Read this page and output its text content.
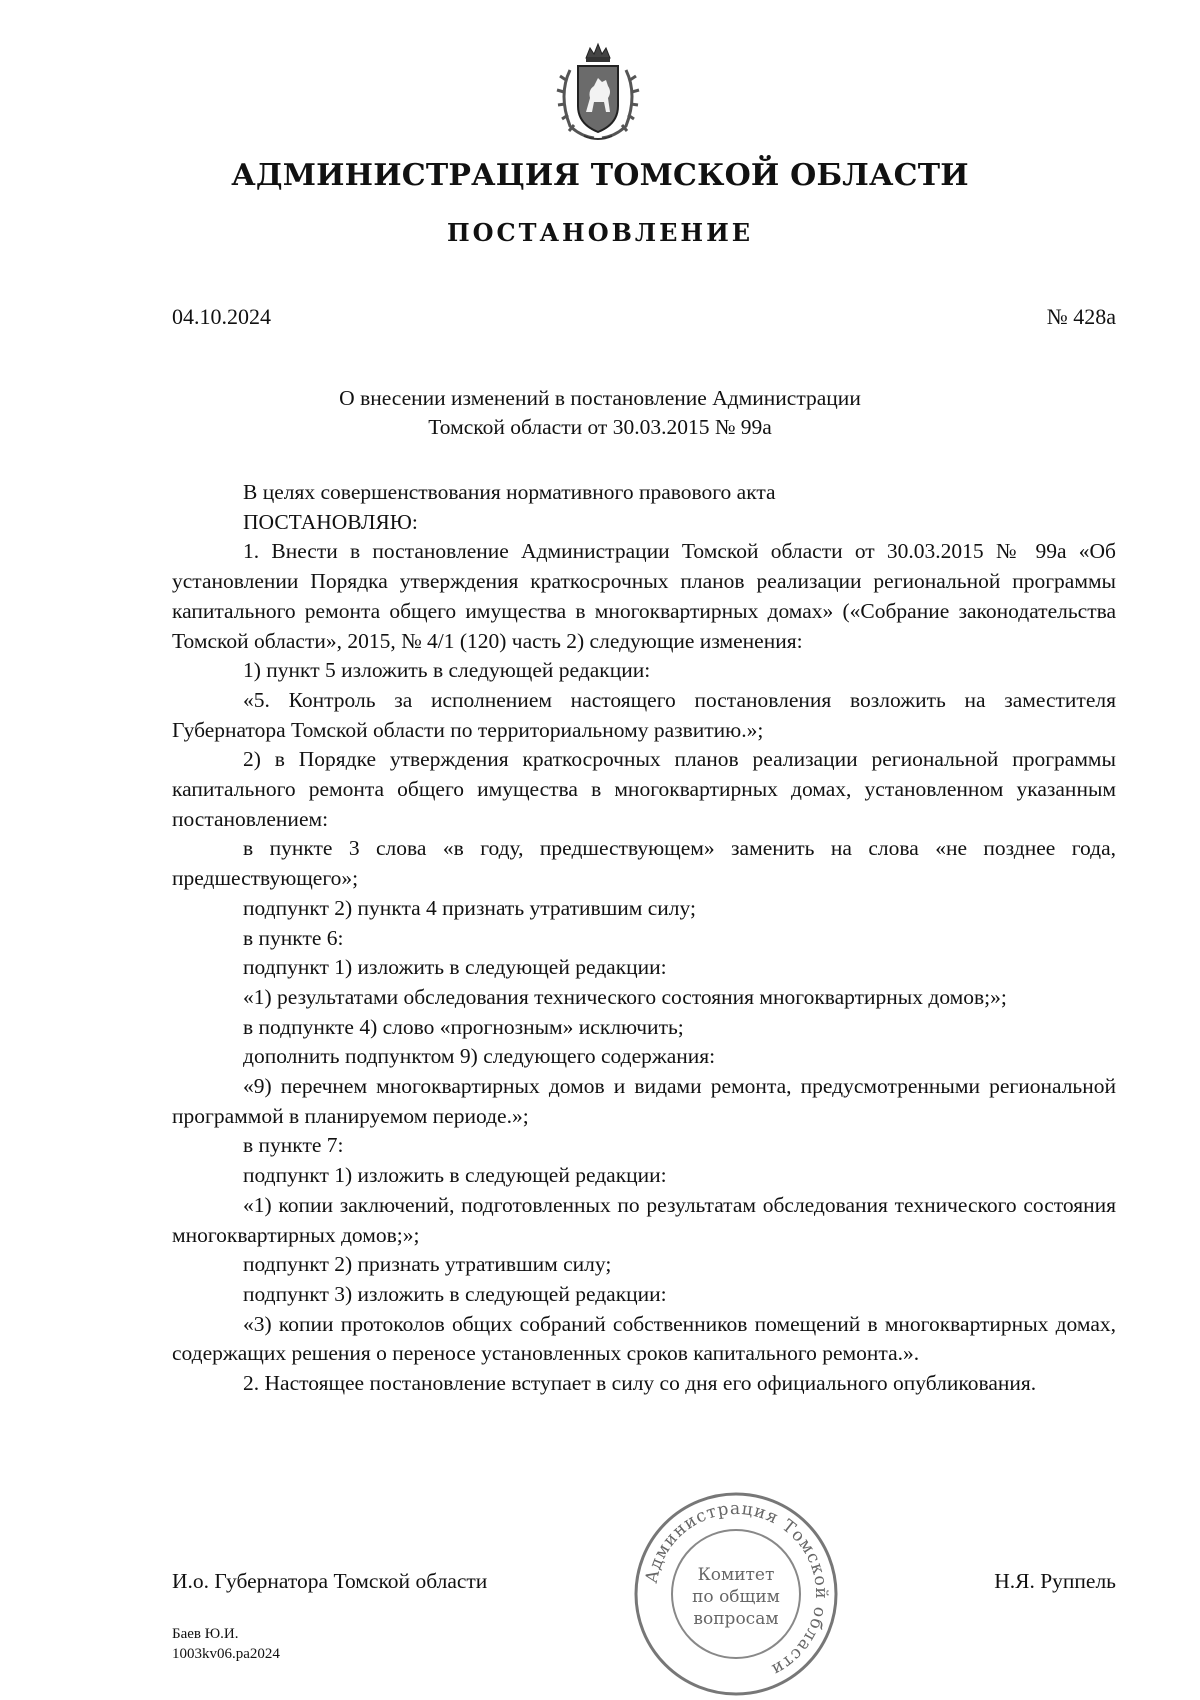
АДМИНИСТРАЦИЯ ТОМСКОЙ ОБЛАСТИ
ПОСТАНОВЛЕНИЕ
04.10.2024	№ 428а
О внесении изменений в постановление Администрации
Томской области от 30.03.2015 № 99а

В целях совершенствования нормативного правового акта

ПОСТАНОВЛЯЮ:

1. Внести в постановление Администрации Томской области от 30.03.2015 № 99а «Об установлении Порядка утверждения краткосрочных планов реализации региональной программы капитального ремонта общего имущества в многоквартирных домах» («Собрание законодательства Томской области», 2015, № 4/1 (120) часть 2) следующие изменения:

1) пункт 5 изложить в следующей редакции:

«5. Контроль за исполнением настоящего постановления возложить на заместителя Губернатора Томской области по территориальному развитию.»;

2) в Порядке утверждения краткосрочных планов реализации региональной программы капитального ремонта общего имущества в многоквартирных домах, установленном указанным постановлением:

в пункте 3 слова «в году, предшествующем» заменить на слова «не позднее года, предшествующего»;

подпункт 2) пункта 4 признать утратившим силу;

в пункте 6:

подпункт 1) изложить в следующей редакции:

«1) результатами обследования технического состояния многоквартирных домов;»;

в подпункте 4) слово «прогнозным» исключить;

дополнить подпунктом 9) следующего содержания:

«9) перечнем многоквартирных домов и видами ремонта, предусмотренными региональной программой в планируемом периоде.»;

в пункте 7:

подпункт 1) изложить в следующей редакции:

«1) копии заключений, подготовленных по результатам обследования технического состояния многоквартирных домов;»;

подпункт 2) признать утратившим силу;

подпункт 3) изложить в следующей редакции:

«3) копии протоколов общих собраний собственников помещений в многоквартирных домах, содержащих решения о переносе установленных сроков капитального ремонта.».

2. Настоящее постановление вступает в силу со дня его официального опубликования.

Администрация Томской области
Комитет
по общим
вопросам
И.о. Губернатора Томской области	Н.Я. Руппель
Баев Ю.И.
1003kv06.pa2024
